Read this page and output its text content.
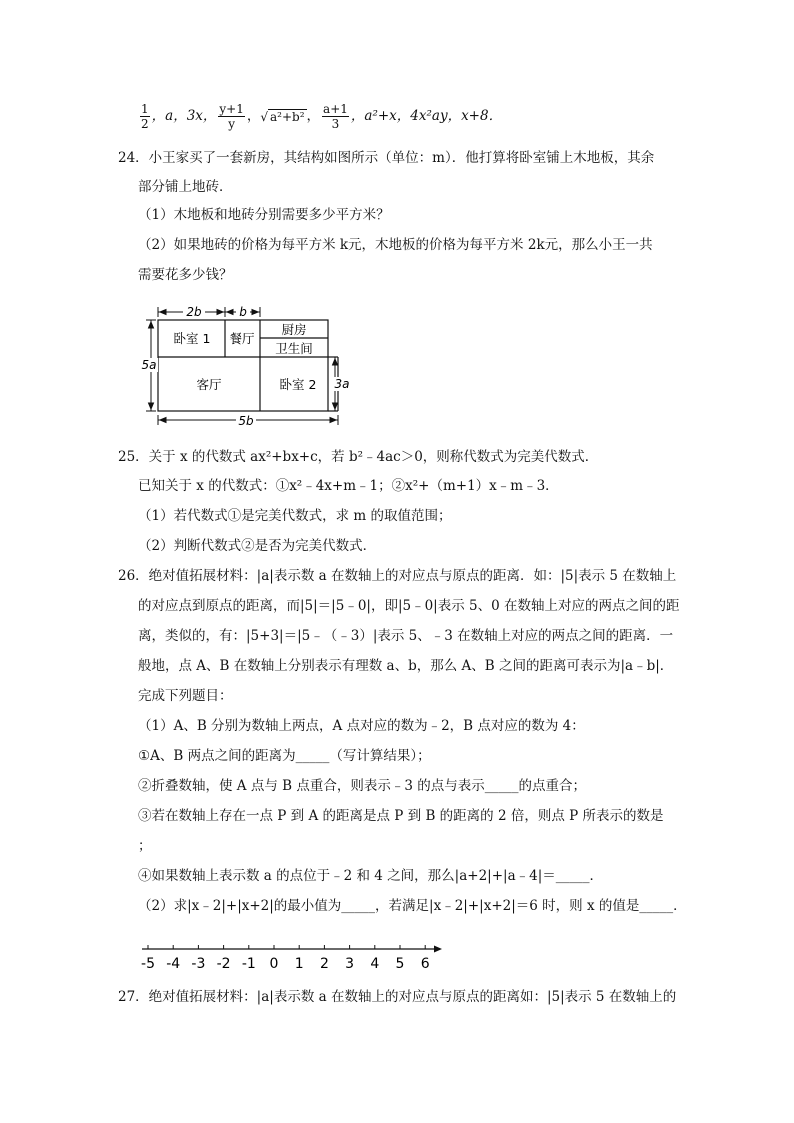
$\frac{1}{2}$ ，a，3x， $\frac{y+1}{y}$ ，√ a²+b² ， $\frac{a+1}{3}$ ，a²+x，4x²ay，x+8．
24．小王家买了一套新房，其结构如图所示（单位：m）．他打算将卧室铺上木地板，其余
部分铺上地砖．
（1）木地板和地砖分别需要多少平方米？
（2）如果地砖的价格为每平方米 k元，木地板的价格为每平方米 2k元，那么小王一共
需要花多少钱？
2b	b
5a
3a
5b
卧室 1 餐厅
厨房
卫生间
客厅	卧室 2
25．关于 x 的代数式 ax²+bx+c，若 b²﹣4ac＞0，则称代数式为完美代数式．
已知关于 x 的代数式：①x²﹣4x+m﹣1；②x²+（m+1）x﹣m﹣3．
（1）若代数式①是完美代数式，求 m 的取值范围；
（2）判断代数式②是否为完美代数式．
26．绝对值拓展材料：|a|表示数 a 在数轴上的对应点与原点的距离．如：|5|表示 5 在数轴上
的对应点到原点的距离，而|5|＝|5﹣0|，即|5﹣0|表示 5、0 在数轴上对应的两点之间的距
离，类似的，有：|5+3|＝|5﹣（﹣3）|表示 5、﹣3 在数轴上对应的两点之间的距离．一
般地，点 A、B 在数轴上分别表示有理数 a、b，那么 A、B 之间的距离可表示为|a﹣b|．
完成下列题目：
（1）A、B 分别为数轴上两点，A 点对应的数为﹣2，B 点对应的数为 4：
①A、B 两点之间的距离为_____（写计算结果）；
②折叠数轴，使 A 点与 B 点重合，则表示﹣3 的点与表示_____的点重合；
③若在数轴上存在一点 P 到 A 的距离是点 P 到 B 的距离的 2 倍，则点 P 所表示的数是
；
④如果数轴上表示数 a 的点位于﹣2 和 4 之间，那么|a+2|+|a﹣4|＝_____．
（2）求|x﹣2|+|x+2|的最小值为_____，若满足|x﹣2|+|x+2|＝6 时，则 x 的值是_____．
-5 -4 -3 -2 -1 0 1 2 3 4 5 6
27．绝对值拓展材料：|a|表示数 a 在数轴上的对应点与原点的距离如：|5|表示 5 在数轴上的
